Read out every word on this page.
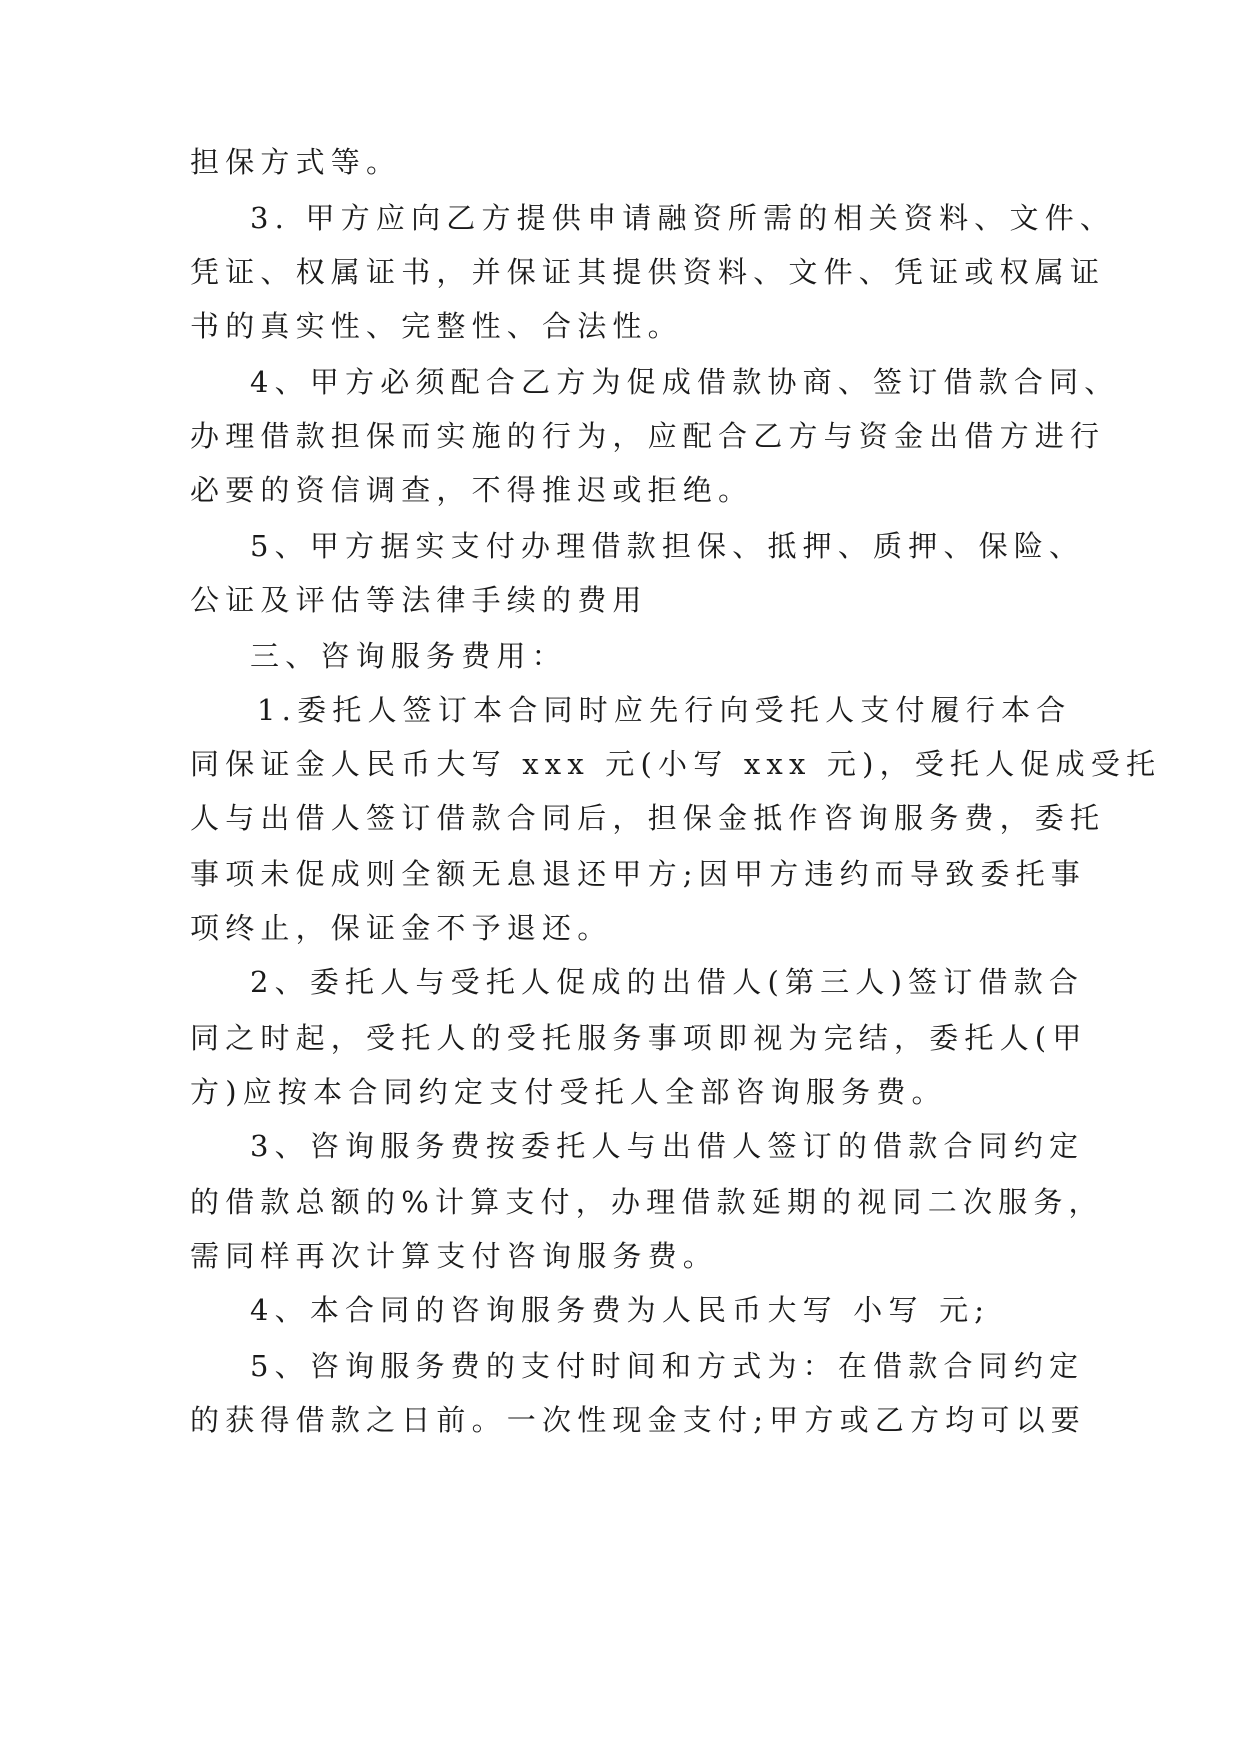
担保方式等。
3. 甲方应向乙方提供申请融资所需的相关资料、文件、
凭证、权属证书，并保证其提供资料、文件、凭证或权属证
书的真实性、完整性、合法性。
4、甲方必须配合乙方为促成借款协商、签订借款合同、
办理借款担保而实施的行为，应配合乙方与资金出借方进行
必要的资信调查，不得推迟或拒绝。
5、甲方据实支付办理借款担保、抵押、质押、保险、
公证及评估等法律手续的费用
三、咨询服务费用：
1.委托人签订本合同时应先行向受托人支付履行本合
同保证金人民币大写 xxx 元(小写 xxx 元)，受托人促成受托
人与出借人签订借款合同后，担保金抵作咨询服务费，委托
事项未促成则全额无息退还甲方;因甲方违约而导致委托事
项终止，保证金不予退还。
2、委托人与受托人促成的出借人(第三人)签订借款合
同之时起，受托人的受托服务事项即视为完结，委托人(甲
方)应按本合同约定支付受托人全部咨询服务费。
3、咨询服务费按委托人与出借人签订的借款合同约定
的借款总额的%计算支付，办理借款延期的视同二次服务，
需同样再次计算支付咨询服务费。
4、本合同的咨询服务费为人民币大写 小写 元;
5、咨询服务费的支付时间和方式为：在借款合同约定
的获得借款之日前。一次性现金支付;甲方或乙方均可以要
